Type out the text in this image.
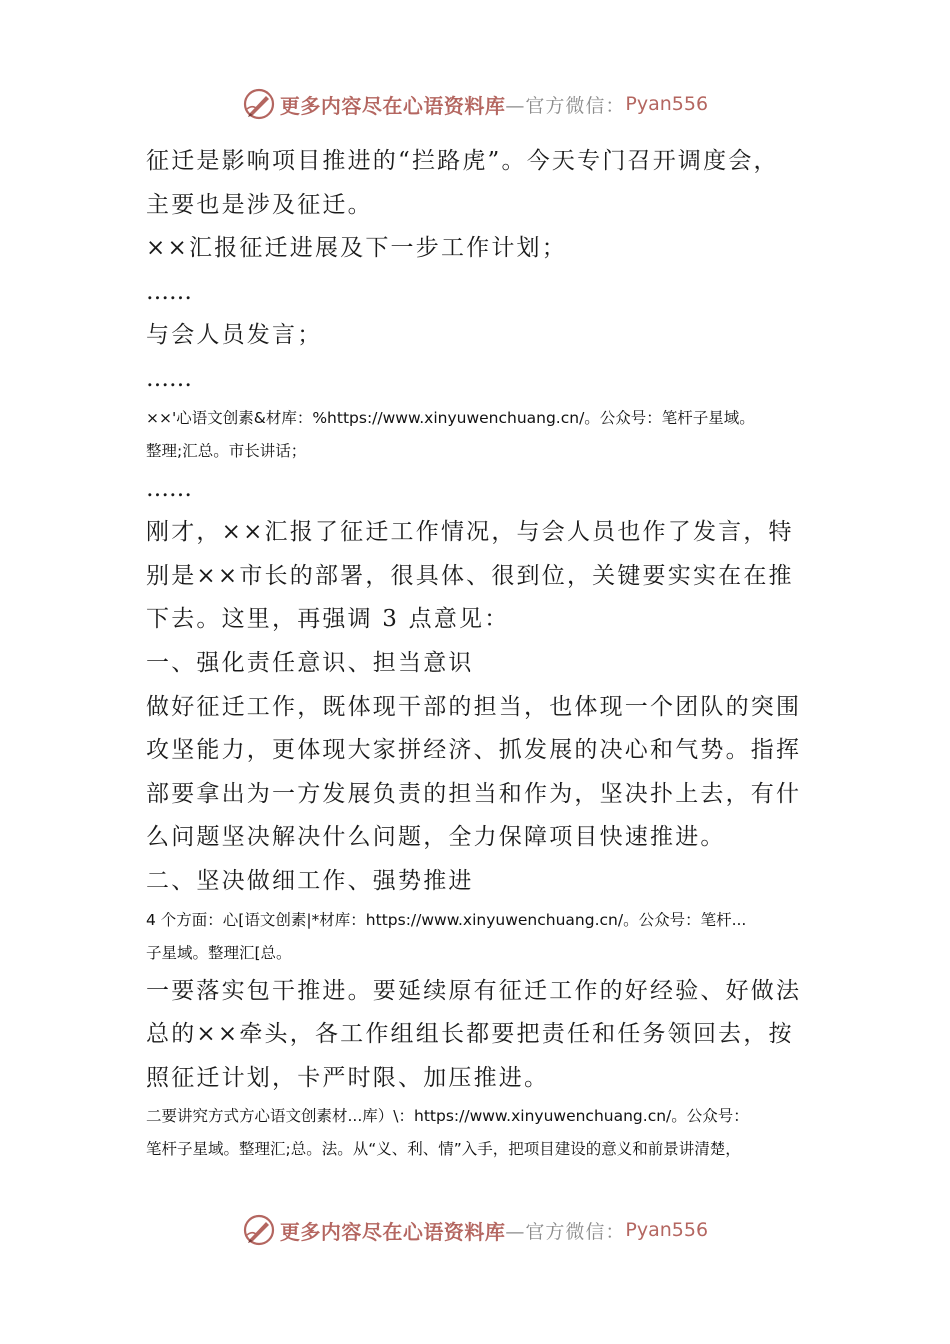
更多内容尽在心语资料库 —官方微信： Pyan556
征迁是影响项目推进的“拦路虎”。今天专门召开调度会，
主要也是涉及征迁。
××汇报征迁进展及下一步工作计划；
……
与会人员发言；
……
××'心语文创素&材库：%https://www.xinyuwenchuang.cn/。公众号：笔杆子星域。
整理;汇总。市长讲话；
……
刚才，××汇报了征迁工作情况，与会人员也作了发言，特
别是××市长的部署，很具体、很到位，关键要实实在在推
下去。这里，再强调 3 点意见：
一、强化责任意识、担当意识
做好征迁工作，既体现干部的担当，也体现一个团队的突围
攻坚能力，更体现大家拼经济、抓发展的决心和气势。指挥
部要拿出为一方发展负责的担当和作为，坚决扑上去，有什
么问题坚决解决什么问题，全力保障项目快速推进。
二、坚决做细工作、强势推进
4 个方面：心[语文创素|*材库：https://www.xinyuwenchuang.cn/。公众号：笔杆...
子星域。整理汇[总。
一要落实包干推进。要延续原有征迁工作的好经验、好做法
总的××牵头，各工作组组长都要把责任和任务领回去，按
照征迁计划，卡严时限、加压推进。
二要讲究方式方心语文创素材...库）\：https://www.xinyuwenchuang.cn/。公众号：
笔杆子星域。整理汇;总。法。从“义、利、情”入手，把项目建设的意义和前景讲清楚，
更多内容尽在心语资料库 —官方微信： Pyan556
